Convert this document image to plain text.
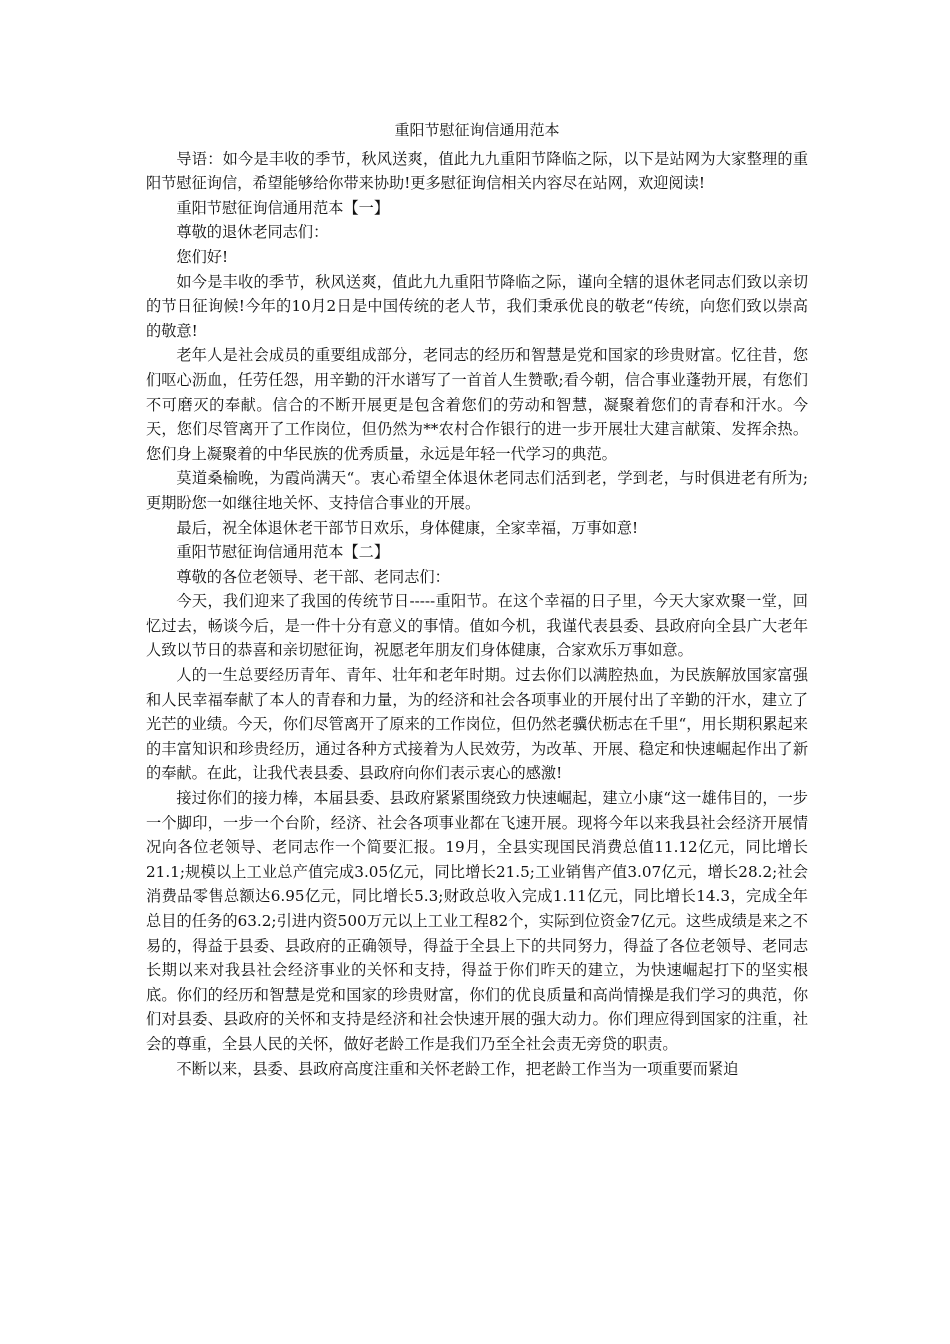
重阳节慰征询信通用范本

导语：如今是丰收的季节，秋风送爽，值此九九重阳节降临之际，以下是站网为大家整理的重阳节慰征询信，希望能够给你带来协助!更多慰征询信相关内容尽在站网，欢迎阅读!

重阳节慰征询信通用范本【一】

尊敬的退休老同志们：

您们好!

如今是丰收的季节，秋风送爽，值此九九重阳节降临之际，谨向全辖的退休老同志们致以亲切的节日征询候!今年的10月2日是中国传统的老人节，我们秉承优良的敬老“传统，向您们致以崇高的敬意!

老年人是社会成员的重要组成部分，老同志的经历和智慧是党和国家的珍贵财富。忆往昔，您们呕心沥血，任劳任怨，用辛勤的汗水谱写了一首首人生赞歌;看今朝，信合事业蓬勃开展，有您们不可磨灭的奉献。信合的不断开展更是包含着您们的劳动和智慧，凝聚着您们的青春和汗水。今天，您们尽管离开了工作岗位，但仍然为**农村合作银行的进一步开展壮大建言献策、发挥余热。您们身上凝聚着的中华民族的优秀质量，永远是年轻一代学习的典范。

莫道桑榆晚，为霞尚满天“。衷心希望全体退休老同志们活到老，学到老，与时俱进老有所为;更期盼您一如继往地关怀、支持信合事业的开展。

最后，祝全体退休老干部节日欢乐，身体健康，全家幸福，万事如意!

重阳节慰征询信通用范本【二】

尊敬的各位老领导、老干部、老同志们：

今天，我们迎来了我国的传统节日-----重阳节。在这个幸福的日子里，今天大家欢聚一堂，回忆过去，畅谈今后，是一件十分有意义的事情。值如今机，我谨代表县委、县政府向全县广大老年人致以节日的恭喜和亲切慰征询，祝愿老年朋友们身体健康，合家欢乐万事如意。

人的一生总要经历青年、青年、壮年和老年时期。过去你们以满腔热血，为民族解放国家富强和人民幸福奉献了本人的青春和力量，为的经济和社会各项事业的开展付出了辛勤的汗水，建立了光芒的业绩。今天，你们尽管离开了原来的工作岗位，但仍然老骥伏枥志在千里“，用长期积累起来的丰富知识和珍贵经历，通过各种方式接着为人民效劳，为改革、开展、稳定和快速崛起作出了新的奉献。在此，让我代表县委、县政府向你们表示衷心的感激!

接过你们的接力棒，本届县委、县政府紧紧围绕致力快速崛起，建立小康“这一雄伟目的，一步一个脚印，一步一个台阶，经济、社会各项事业都在飞速开展。现将今年以来我县社会经济开展情况向各位老领导、老同志作一个简要汇报。19月，全县实现国民消费总值11.12亿元，同比增长21.1;规模以上工业总产值完成3.05亿元，同比增长21.5;工业销售产值3.07亿元，增长28.2;社会消费品零售总额达6.95亿元，同比增长5.3;财政总收入完成1.11亿元，同比增长14.3，完成全年总目的任务的63.2;引进内资500万元以上工业工程82个，实际到位资金7亿元。这些成绩是来之不易的，得益于县委、县政府的正确领导，得益于全县上下的共同努力，得益了各位老领导、老同志长期以来对我县社会经济事业的关怀和支持，得益于你们昨天的建立，为快速崛起打下的坚实根底。你们的经历和智慧是党和国家的珍贵财富，你们的优良质量和高尚情操是我们学习的典范，你们对县委、县政府的关怀和支持是经济和社会快速开展的强大动力。你们理应得到国家的注重，社会的尊重，全县人民的关怀，做好老龄工作是我们乃至全社会责无旁贷的职责。

不断以来，县委、县政府高度注重和关怀老龄工作，把老龄工作当为一项重要而紧迫
